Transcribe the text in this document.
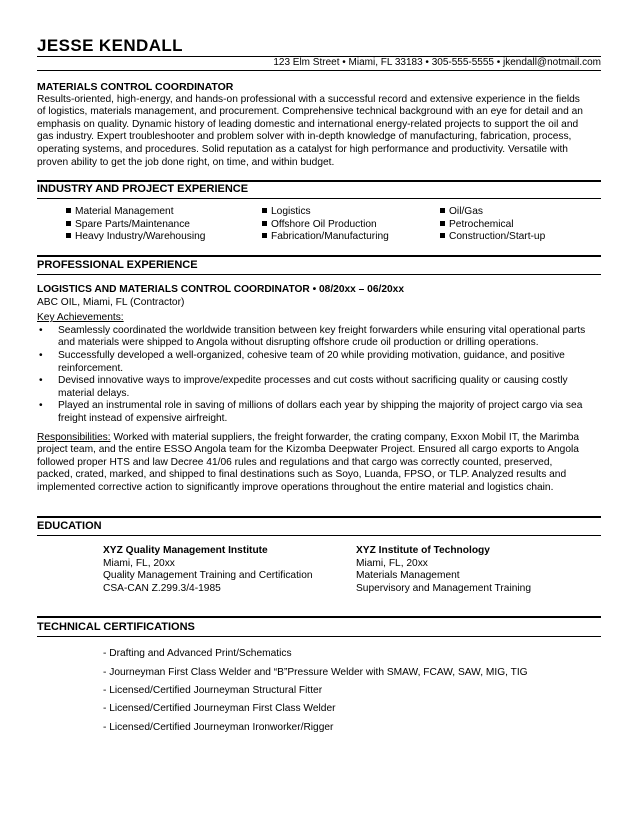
JESSE KENDALL
123 Elm Street • Miami, FL 33183 • 305-555-5555 • jkendall@notmail.com
MATERIALS CONTROL COORDINATOR
Results-oriented, high-energy, and hands-on professional with a successful record and extensive experience in the fields
of logistics, materials management, and procurement. Comprehensive technical background with an eye for detail and an
emphasis on quality. Dynamic history of leading domestic and international energy-related projects to support the oil and
gas industry. Expert troubleshooter and problem solver with in-depth knowledge of manufacturing, fabrication, process,
operating systems, and procedures. Solid reputation as a catalyst for high performance and productivity. Versatile with
proven ability to get the job done right, on time, and within budget.
INDUSTRY AND PROJECT EXPERIENCE
Material Management
Spare Parts/Maintenance
Heavy Industry/Warehousing
Logistics
Offshore Oil Production
Fabrication/Manufacturing
Oil/Gas
Petrochemical
Construction/Start-up
PROFESSIONAL EXPERIENCE
LOGISTICS AND MATERIALS CONTROL COORDINATOR • 08/20xx – 06/20xx
ABC OIL, Miami, FL (Contractor)
Key Achievements:
• Seamlessly coordinated the worldwide transition between key freight forwarders while ensuring vital operational parts
and materials were shipped to Angola without disrupting offshore crude oil production or drilling operations.
• Successfully developed a well-organized, cohesive team of 20 while providing motivation, guidance, and positive
reinforcement.
• Devised innovative ways to improve/expedite processes and cut costs without sacrificing quality or causing costly
material delays.
• Played an instrumental role in saving of millions of dollars each year by shipping the majority of project cargo via sea
freight instead of expensive airfreight.
Responsibilities: Worked with material suppliers, the freight forwarder, the crating company, Exxon Mobil IT, the Marimba
project team, and the entire ESSO Angola team for the Kizomba Deepwater Project. Ensured all cargo exports to Angola
followed proper HTS and law Decree 41/06 rules and regulations and that cargo was correctly counted, preserved,
packed, crated, marked, and shipped to final destinations such as Soyo, Luanda, FPSO, or TLP. Analyzed results and
implemented corrective action to significantly improve operations throughout the entire material and logistics chain.
EDUCATION
XYZ Quality Management Institute
Miami, FL, 20xx
Quality Management Training and Certification
CSA-CAN Z.299.3/4-1985
XYZ Institute of Technology
Miami, FL, 20xx
Materials Management
Supervisory and Management Training
TECHNICAL CERTIFICATIONS
- Drafting and Advanced Print/Schematics
- Journeyman First Class Welder and “B”Pressure Welder with SMAW, FCAW, SAW, MIG, TIG
- Licensed/Certified Journeyman Structural Fitter
- Licensed/Certified Journeyman First Class Welder
- Licensed/Certified Journeyman Ironworker/Rigger
